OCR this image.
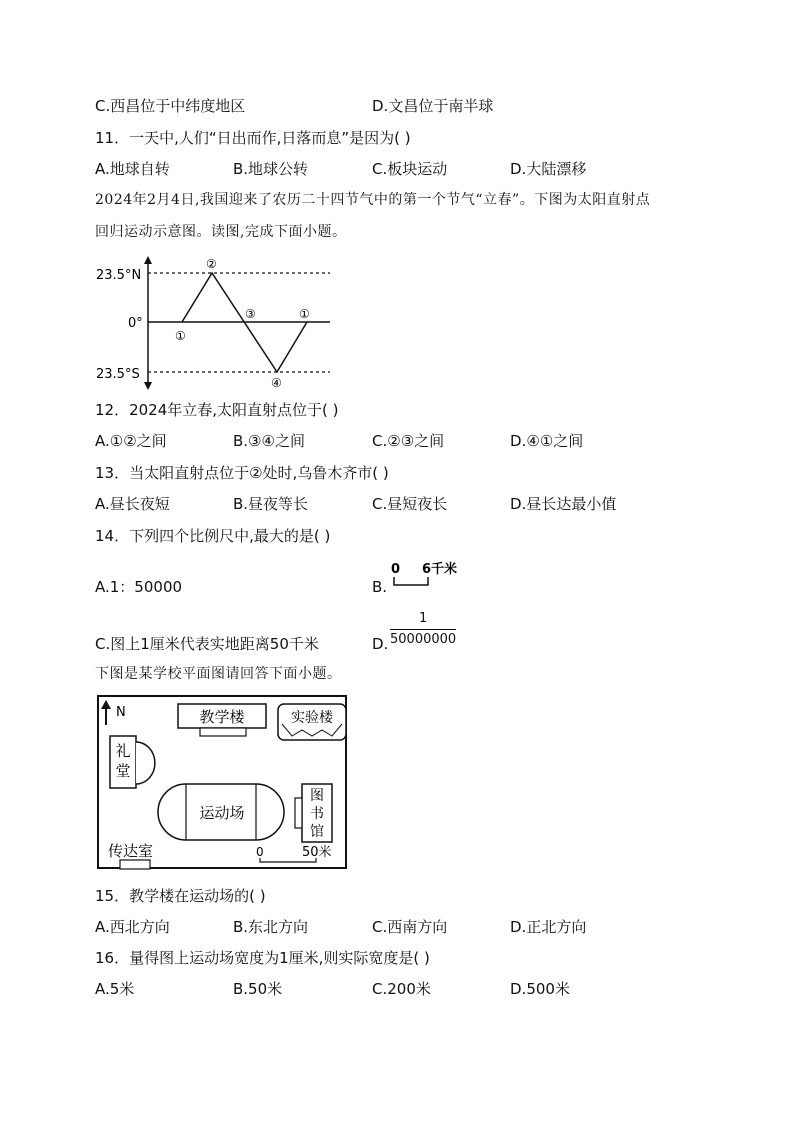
C.西昌位于中纬度地区	D.文昌位于南半球
11．一天中,人们“日出而作,日落而息”是因为( )
A.地球自转	B.地球公转	C.板块运动	D.大陆漂移
2024年2月4日,我国迎来了农历二十四节气中的第一个节气“立春”。下图为太阳直射点
回归运动示意图。读图,完成下面小题。
23.5°N
0°
23.5°S
①
②
③
④
①
12．2024年立春,太阳直射点位于( )
A.①②之间	B.③④之间	C.②③之间	D.④①之间
13．当太阳直射点位于②处时,乌鲁木齐市( )
A.昼长夜短	B.昼夜等长	C.昼短夜长	D.昼长达最小值
14．下列四个比例尺中,最大的是( )
A.1：50000	B.
0 6千米
C.图上1厘米代表实地距离50千米	D. $\frac{1}{50000000}$
下图是某学校平面图请回答下面小题。
N	教学楼	实验楼
礼
堂
运动场
图
书
馆
传达室	0	50米
15．教学楼在运动场的( )
A.西北方向	B.东北方向	C.西南方向	D.正北方向
16．量得图上运动场宽度为1厘米,则实际宽度是( )
A.5米	B.50米	C.200米	D.500米
